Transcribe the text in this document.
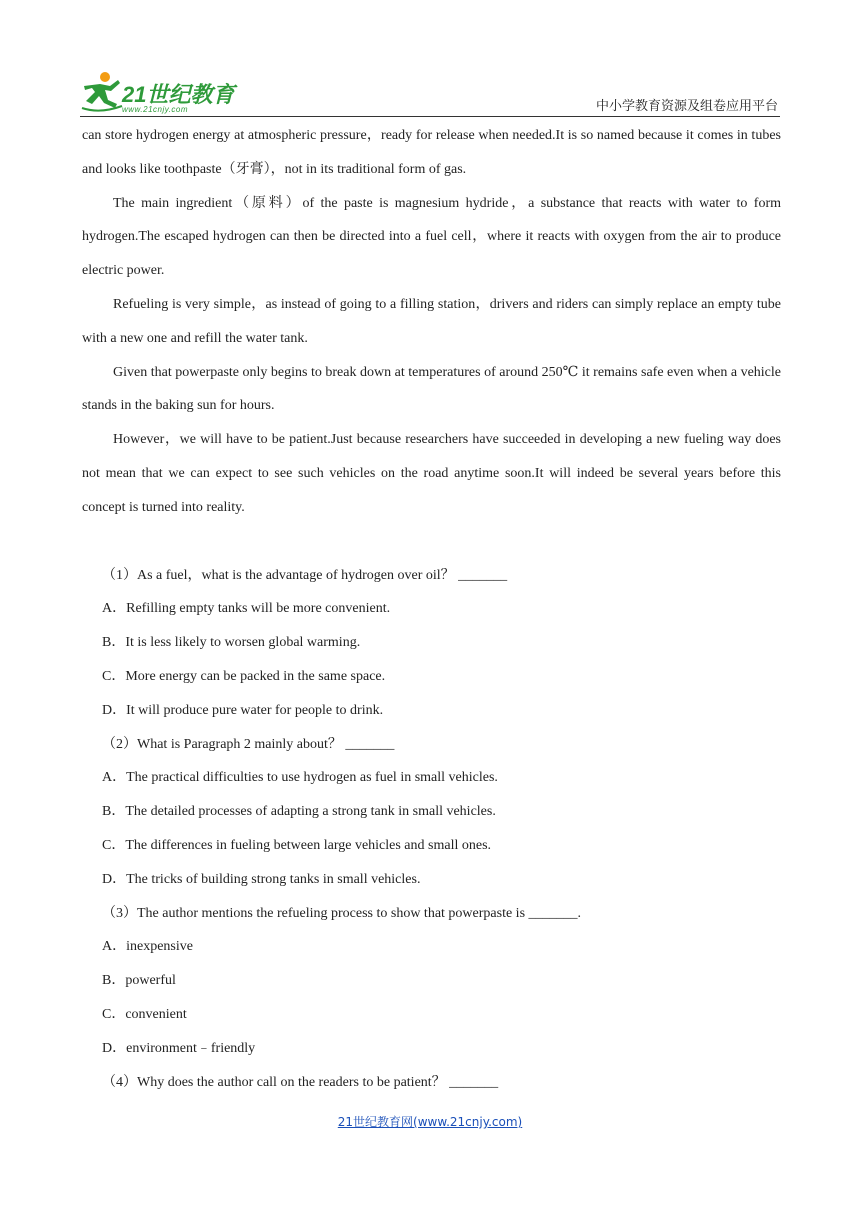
21世纪教育
www.21cnjy.com	中小学教育资源及组卷应用平台

can store hydrogen energy at atmospheric pressure，ready for release when needed.It is so named because it comes in tubes and looks like toothpaste（牙膏），not in its traditional form of gas.

The main ingredient（原料）of the paste is magnesium hydride，a substance that reacts with water to form hydrogen.The escaped hydrogen can then be directed into a fuel cell，where it reacts with oxygen from the air to produce electric power.

Refueling is very simple，as instead of going to a filling station，drivers and riders can simply replace an empty tube with a new one and refill the water tank.

Given that powerpaste only begins to break down at temperatures of around 250℃ it remains safe even when a vehicle stands in the baking sun for hours.

However，we will have to be patient.Just because researchers have succeeded in developing a new fueling way does not mean that we can expect to see such vehicles on the road anytime soon.It will indeed be several years before this concept is turned into reality.

（1）As a fuel，what is the advantage of hydrogen over oil？ _______

A．Refilling empty tanks will be more convenient.

B．It is less likely to worsen global warming.

C．More energy can be packed in the same space.

D．It will produce pure water for people to drink.

（2）What is Paragraph 2 mainly about？ _______

A．The practical difficulties to use hydrogen as fuel in small vehicles.

B．The detailed processes of adapting a strong tank in small vehicles.

C．The differences in fueling between large vehicles and small ones.

D．The tricks of building strong tanks in small vehicles.

（3）The author mentions the refueling process to show that powerpaste is _______.

A．inexpensive

B．powerful

C．convenient

D．environment﹣friendly

（4）Why does the author call on the readers to be patient？ _______

21世纪教育网(www.21cnjy.com)
